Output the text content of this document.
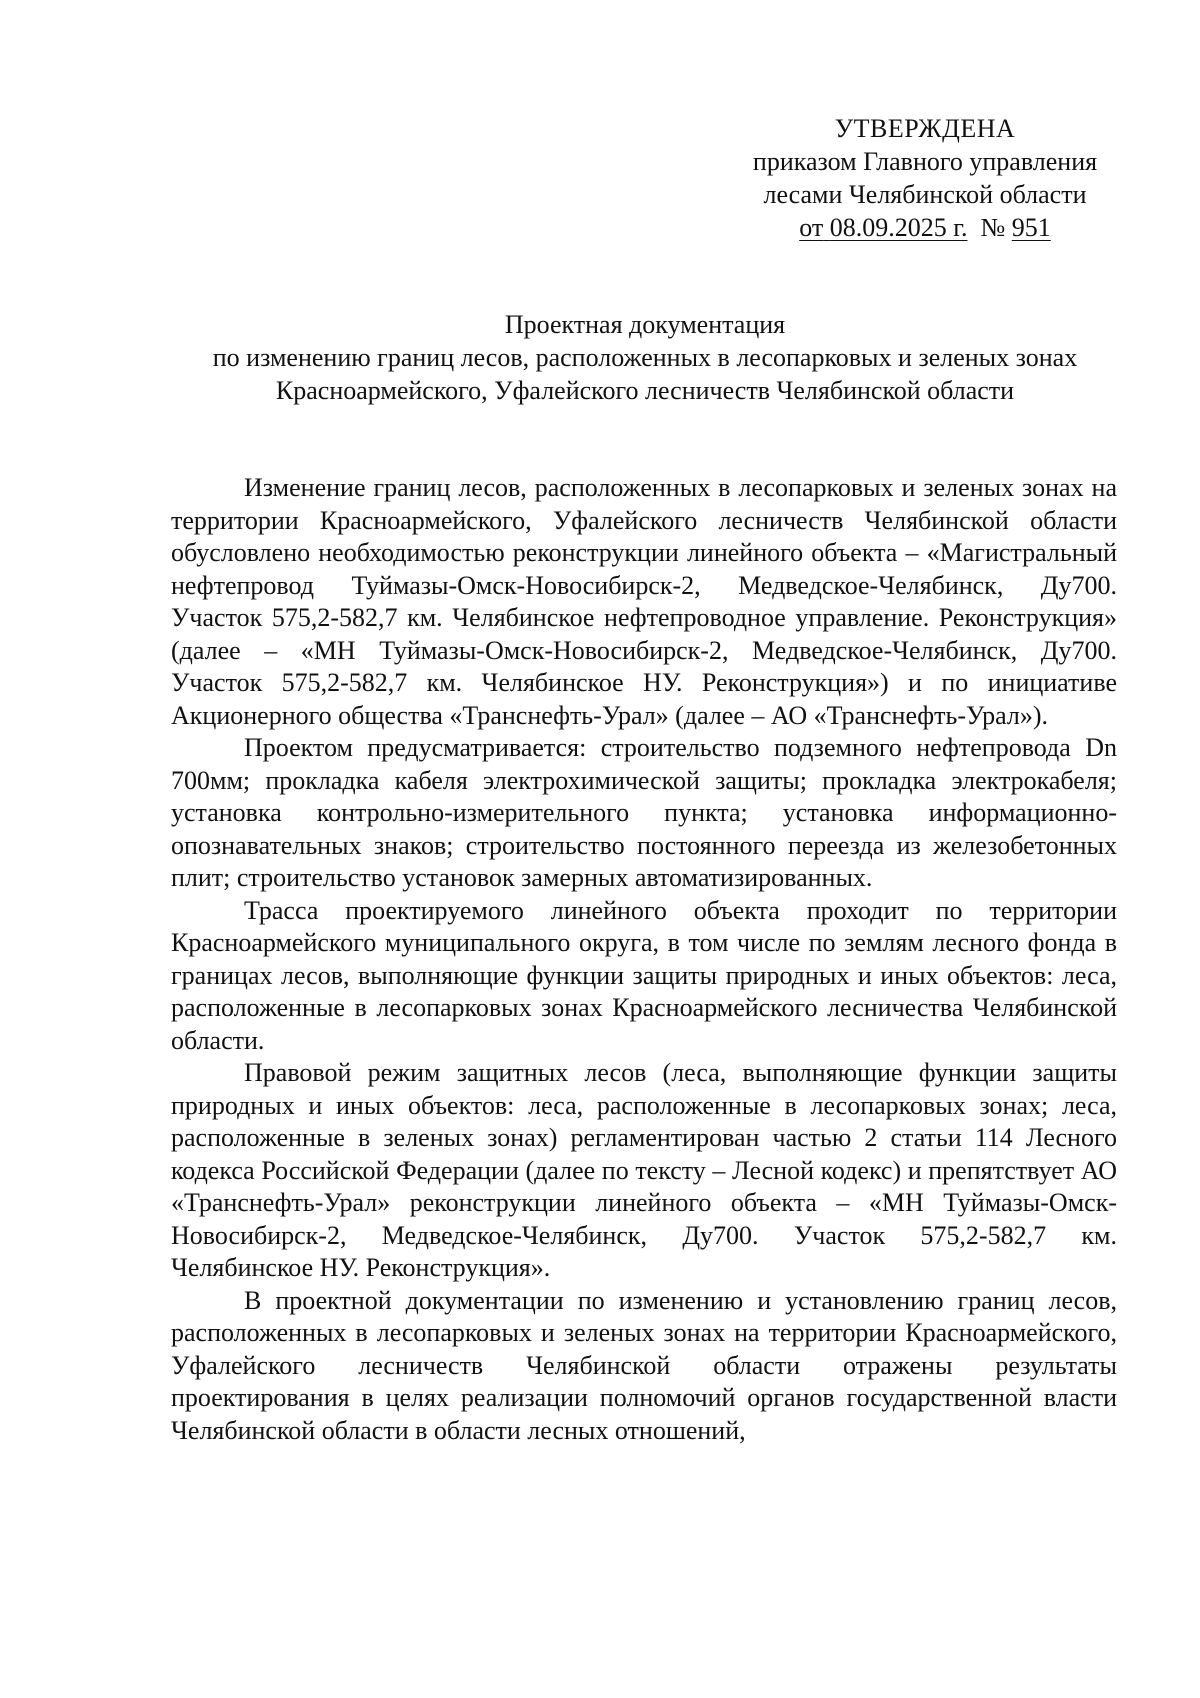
УТВЕРЖДЕНА
приказом Главного управления
лесами Челябинской области
от 08.09.2025 г. № 951
Проектная документация
по изменению границ лесов, расположенных в лесопарковых и зеленых зонах
Красноармейского, Уфалейского лесничеств Челябинской области

Изменение границ лесов, расположенных в лесопарковых и зеленых зонах на территории Красноармейского, Уфалейского лесничеств Челябинской области обусловлено необходимостью реконструкции линейного объекта – «Магистральный нефтепровод Туймазы-Омск-Новосибирск-2, Медведское-Челябинск, Ду700. Участок 575,2-582,7 км. Челябинское нефтепроводное управление. Реконструкция» (далее – «МН Туймазы-Омск-Новосибирск-2, Медведское-Челябинск, Ду700. Участок 575,2-582,7 км. Челябинское НУ. Реконструкция») и по инициативе Акционерного общества «Транснефть-Урал» (далее – АО «Транснефть-Урал»).

Проектом предусматривается: строительство подземного нефтепровода Dn 700мм; прокладка кабеля электрохимической защиты; прокладка электрокабеля; установка контрольно-измерительного пункта; установка информационно-опознавательных знаков; строительство постоянного переезда из железобетонных плит; строительство установок замерных автоматизированных.

Трасса проектируемого линейного объекта проходит по территории Красноармейского муниципального округа, в том числе по землям лесного фонда в границах лесов, выполняющие функции защиты природных и иных объектов: леса, расположенные в лесопарковых зонах Красноармейского лесничества Челябинской области.

Правовой режим защитных лесов (леса, выполняющие функции защиты природных и иных объектов: леса, расположенные в лесопарковых зонах; леса, расположенные в зеленых зонах) регламентирован частью 2 статьи 114 Лесного кодекса Российской Федерации (далее по тексту – Лесной кодекс) и препятствует АО «Транснефть-Урал» реконструкции линейного объекта – «МН Туймазы-Омск-Новосибирск-2, Медведское-Челябинск, Ду700. Участок 575,2-582,7 км. Челябинское НУ. Реконструкция».

В проектной документации по изменению и установлению границ лесов, расположенных в лесопарковых и зеленых зонах на территории Красноармейского, Уфалейского лесничеств Челябинской области отражены результаты проектирования в целях реализации полномочий органов государственной власти Челябинской области в области лесных отношений,
